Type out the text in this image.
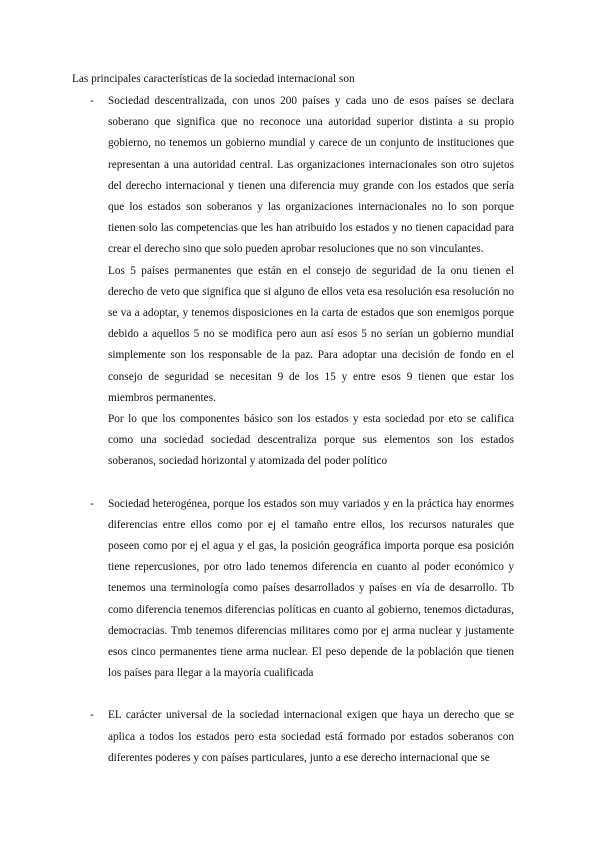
Las principales características de la sociedad internacional son

- Sociedad descentralizada, con unos 200 países y cada uno de esos países se declara soberano que significa que no reconoce una autoridad superior distinta a su propio gobierno, no tenemos un gobierno mundial y carece de un conjunto de instituciones que representan a una autoridad central. Las organizaciones internacionales son otro sujetos del derecho internacional y tienen una diferencia muy grande con los estados que sería que los estados son soberanos y las organizaciones internacionales no lo son porque tienen solo las competencias que les han atribuido los estados y no tienen capacidad para crear el derecho sino que solo pueden aprobar resoluciones que no son vinculantes.

Los 5 países permanentes que están en el consejo de seguridad de la onu tienen el derecho de veto que significa que si alguno de ellos veta esa resolución esa resolución no se va a adoptar, y tenemos disposiciones en la carta de estados que son enemigos porque debido a aquellos 5 no se modifica pero aun así esos 5 no serían un gobierno mundial simplemente son los responsable de la paz. Para adoptar una decisión de fondo en el consejo de seguridad se necesitan 9 de los 15 y entre esos 9 tienen que estar los miembros permanentes.

Por lo que los componentes básico son los estados y esta sociedad por eto se califica como una sociedad sociedad descentraliza porque sus elementos son los estados soberanos, sociedad horizontal y atomizada del poder político

- Sociedad heterogénea, porque los estados son muy variados y en la práctica hay enormes diferencias entre ellos como por ej el tamaño entre ellos, los recursos naturales que poseen como por ej el agua y el gas, la posición geográfica importa porque esa posición tiene repercusiones, por otro lado tenemos diferencia en cuanto al poder económico y tenemos una terminología como países desarrollados y países en vía de desarrollo. Tb como diferencia tenemos diferencias políticas en cuanto al gobierno, tenemos dictaduras, democracias. Tmb tenemos diferencias militares como por ej arma nuclear y justamente esos cinco permanentes tiene arma nuclear. El peso depende de la población que tienen los países para llegar a la mayoría cualificada

- EL carácter universal de la sociedad internacional exigen que haya un derecho que se aplica a todos los estados pero esta sociedad está formado por estados soberanos con diferentes poderes y con países particulares, junto a ese derecho internacional que se
